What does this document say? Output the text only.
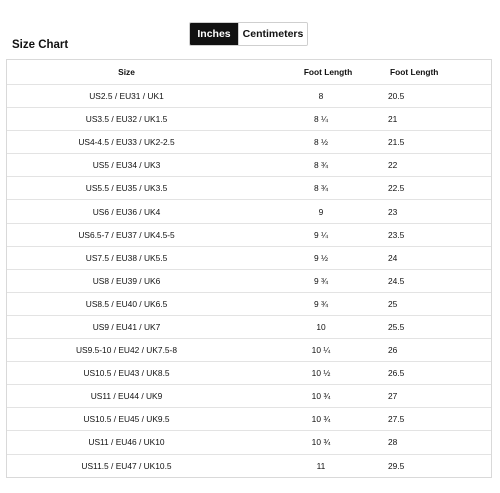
Inches	Centimeters
Size Chart
Size	Foot Length	Foot Length
US2.5 / EU31 / UK1	8	20.5
US3.5 / EU32 / UK1.5	8 ¼	21
US4-4.5 / EU33 / UK2-2.5	8 ½	21.5
US5 / EU34 / UK3	8 ¾	22
US5.5 / EU35 / UK3.5	8 ¾	22.5
US6 / EU36 / UK4	9	23
US6.5-7 / EU37 / UK4.5-5	9 ¼	23.5
US7.5 / EU38 / UK5.5	9 ½	24
US8 / EU39 / UK6	9 ¾	24.5
US8.5 / EU40 / UK6.5	9 ¾	25
US9 / EU41 / UK7	10	25.5
US9.5-10 / EU42 / UK7.5-8	10 ¼	26
US10.5 / EU43 / UK8.5	10 ½	26.5
US11 / EU44 / UK9	10 ¾	27
US10.5 / EU45 / UK9.5	10 ¾	27.5
US11 / EU46 / UK10	10 ¾	28
US11.5 / EU47 / UK10.5	11	29.5
